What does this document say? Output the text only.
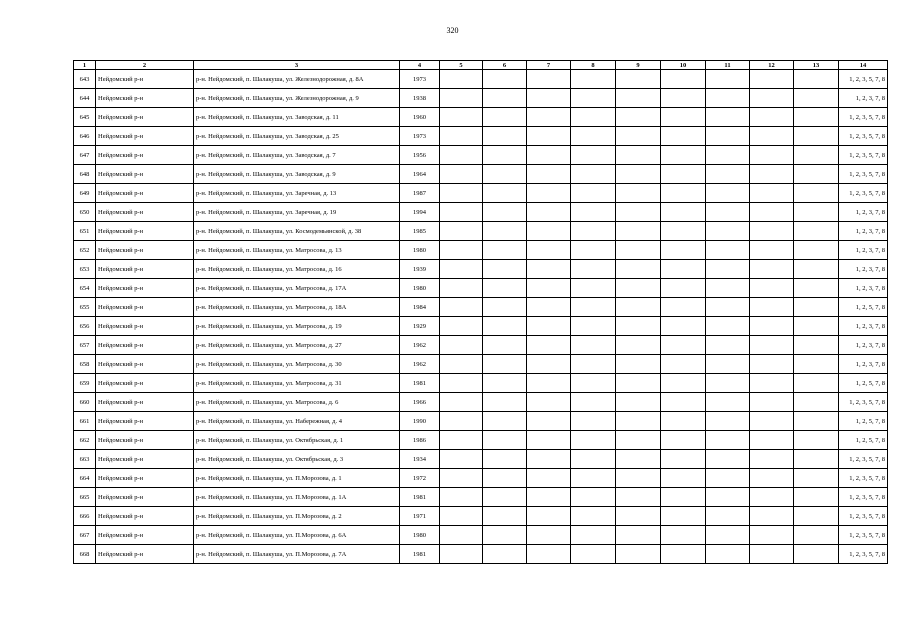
320
1	2	3	4	5	6	7	8	9	10	11	12	13	14
643	Нейдомский р-н	р-н. Нейдомский, п. Шалакуша, ул. Железнодорожная, д. 8А	1973										1, 2, 3, 5, 7, 8
644	Нейдомский р-н	р-н. Нейдомский, п. Шалакуша, ул. Железнодорожная, д. 9	1938										1, 2, 3, 7, 8
645	Нейдомский р-н	р-н. Нейдомский, п. Шалакуша, ул. Заводская, д. 11	1960										1, 2, 3, 5, 7, 8
646	Нейдомский р-н	р-н. Нейдомский, п. Шалакуша, ул. Заводская, д. 25	1973										1, 2, 3, 5, 7, 8
647	Нейдомский р-н	р-н. Нейдомский, п. Шалакуша, ул. Заводская, д. 7	1956										1, 2, 3, 5, 7, 8
648	Нейдомский р-н	р-н. Нейдомский, п. Шалакуша, ул. Заводская, д. 9	1964										1, 2, 3, 5, 7, 8
649	Нейдомский р-н	р-н. Нейдомский, п. Шалакуша, ул. Заречная, д. 13	1987										1, 2, 3, 5, 7, 8
650	Нейдомский р-н	р-н. Нейдомский, п. Шалакуша, ул. Заречная, д. 19	1994										1, 2, 3, 7, 8
651	Нейдомский р-н	р-н. Нейдомский, п. Шалакуша, ул. Космодемьянской, д. 38	1985										1, 2, 3, 7, 8
652	Нейдомский р-н	р-н. Нейдомский, п. Шалакуша, ул. Матросова, д. 13	1980										1, 2, 3, 7, 8
653	Нейдомский р-н	р-н. Нейдомский, п. Шалакуша, ул. Матросова, д. 16	1939										1, 2, 3, 7, 8
654	Нейдомский р-н	р-н. Нейдомский, п. Шалакуша, ул. Матросова, д. 17А	1980										1, 2, 3, 7, 8
655	Нейдомский р-н	р-н. Нейдомский, п. Шалакуша, ул. Матросова, д. 18А	1984										1, 2, 5, 7, 8
656	Нейдомский р-н	р-н. Нейдомский, п. Шалакуша, ул. Матросова, д. 19	1929										1, 2, 3, 7, 8
657	Нейдомский р-н	р-н. Нейдомский, п. Шалакуша, ул. Матросова, д. 27	1962										1, 2, 3, 7, 8
658	Нейдомский р-н	р-н. Нейдомский, п. Шалакуша, ул. Матросова, д. 30	1962										1, 2, 3, 7, 8
659	Нейдомский р-н	р-н. Нейдомский, п. Шалакуша, ул. Матросова, д. 31	1981										1, 2, 5, 7, 8
660	Нейдомский р-н	р-н. Нейдомский, п. Шалакуша, ул. Матросова, д. 6	1966										1, 2, 3, 5, 7, 8
661	Нейдомский р-н	р-н. Нейдомский, п. Шалакуша, ул. Набережная, д. 4	1990										1, 2, 5, 7, 8
662	Нейдомский р-н	р-н. Нейдомский, п. Шалакуша, ул. Октябрьская, д. 1	1986										1, 2, 5, 7, 8
663	Нейдомский р-н	р-н. Нейдомский, п. Шалакуша, ул. Октябрьская, д. 3	1934										1, 2, 3, 5, 7, 8
664	Нейдомский р-н	р-н. Нейдомский, п. Шалакуша, ул. П.Морозова, д. 1	1972										1, 2, 3, 5, 7, 8
665	Нейдомский р-н	р-н. Нейдомский, п. Шалакуша, ул. П.Морозова, д. 1А	1981										1, 2, 3, 5, 7, 8
666	Нейдомский р-н	р-н. Нейдомский, п. Шалакуша, ул. П.Морозова, д. 2	1971										1, 2, 3, 5, 7, 8
667	Нейдомский р-н	р-н. Нейдомский, п. Шалакуша, ул. П.Морозова, д. 6А	1980										1, 2, 3, 5, 7, 8
668	Нейдомский р-н	р-н. Нейдомский, п. Шалакуша, ул. П.Морозова, д. 7А	1981										1, 2, 3, 5, 7, 8
